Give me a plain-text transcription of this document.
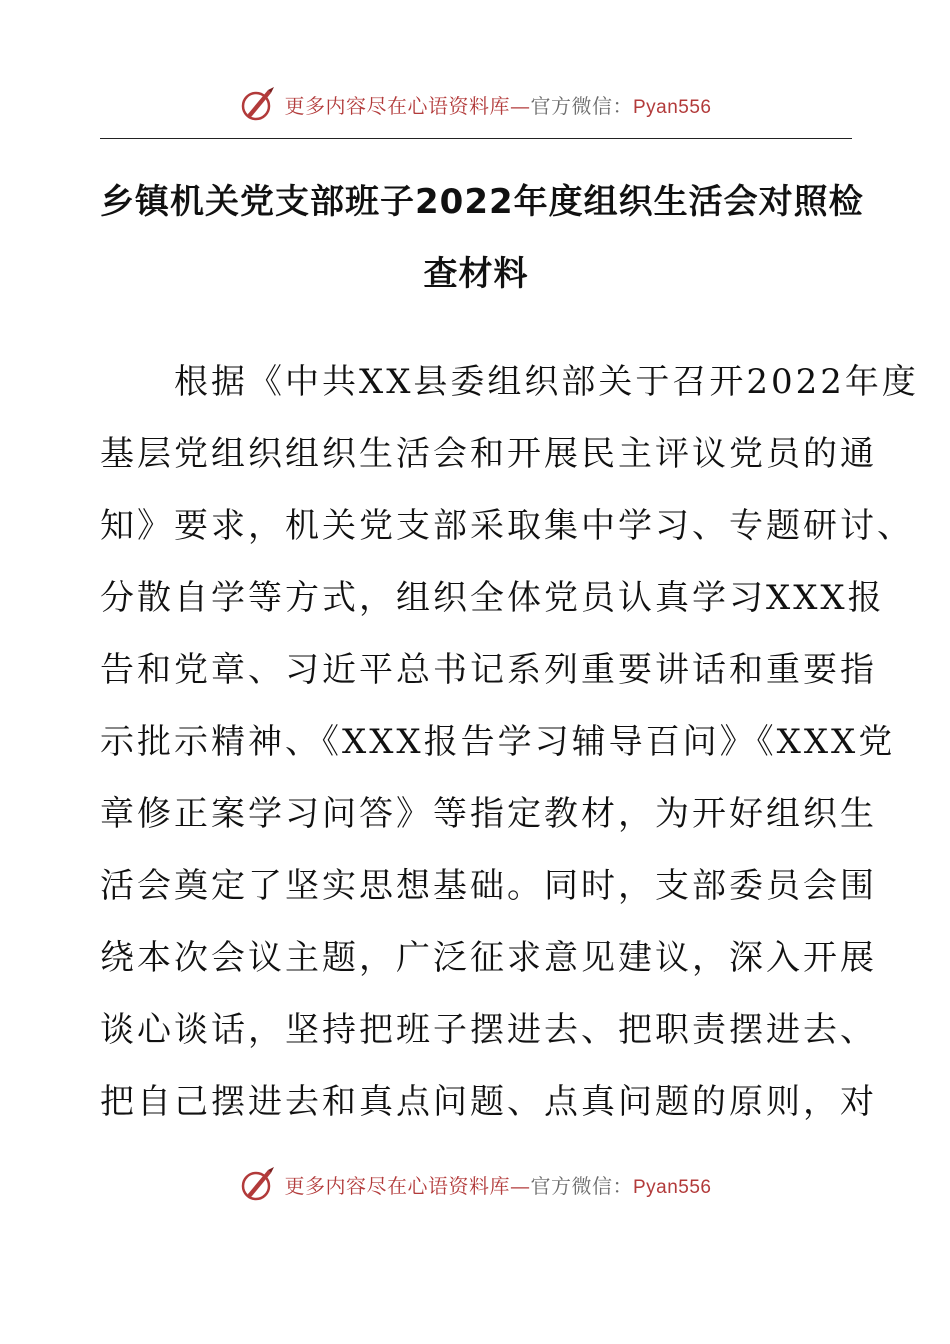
更多内容尽在心语资料库—官方微信：Pyan556
乡镇机关党支部班子2022年度组织生活会对照检
查材料
　　根据《中共XX县委组织部关于召开2022年度
基层党组织组织生活会和开展民主评议党员的通
知》要求，机关党支部采取集中学习、专题研讨、
分散自学等方式，组织全体党员认真学习XXX报
告和党章、习近平总书记系列重要讲话和重要指
示批示精神、《XXX报告学习辅导百问》《XXX党
章修正案学习问答》等指定教材，为开好组织生
活会奠定了坚实思想基础。同时，支部委员会围
绕本次会议主题，广泛征求意见建议，深入开展
谈心谈话，坚持把班子摆进去、把职责摆进去、
把自己摆进去和真点问题、点真问题的原则，对
更多内容尽在心语资料库—官方微信：Pyan556
